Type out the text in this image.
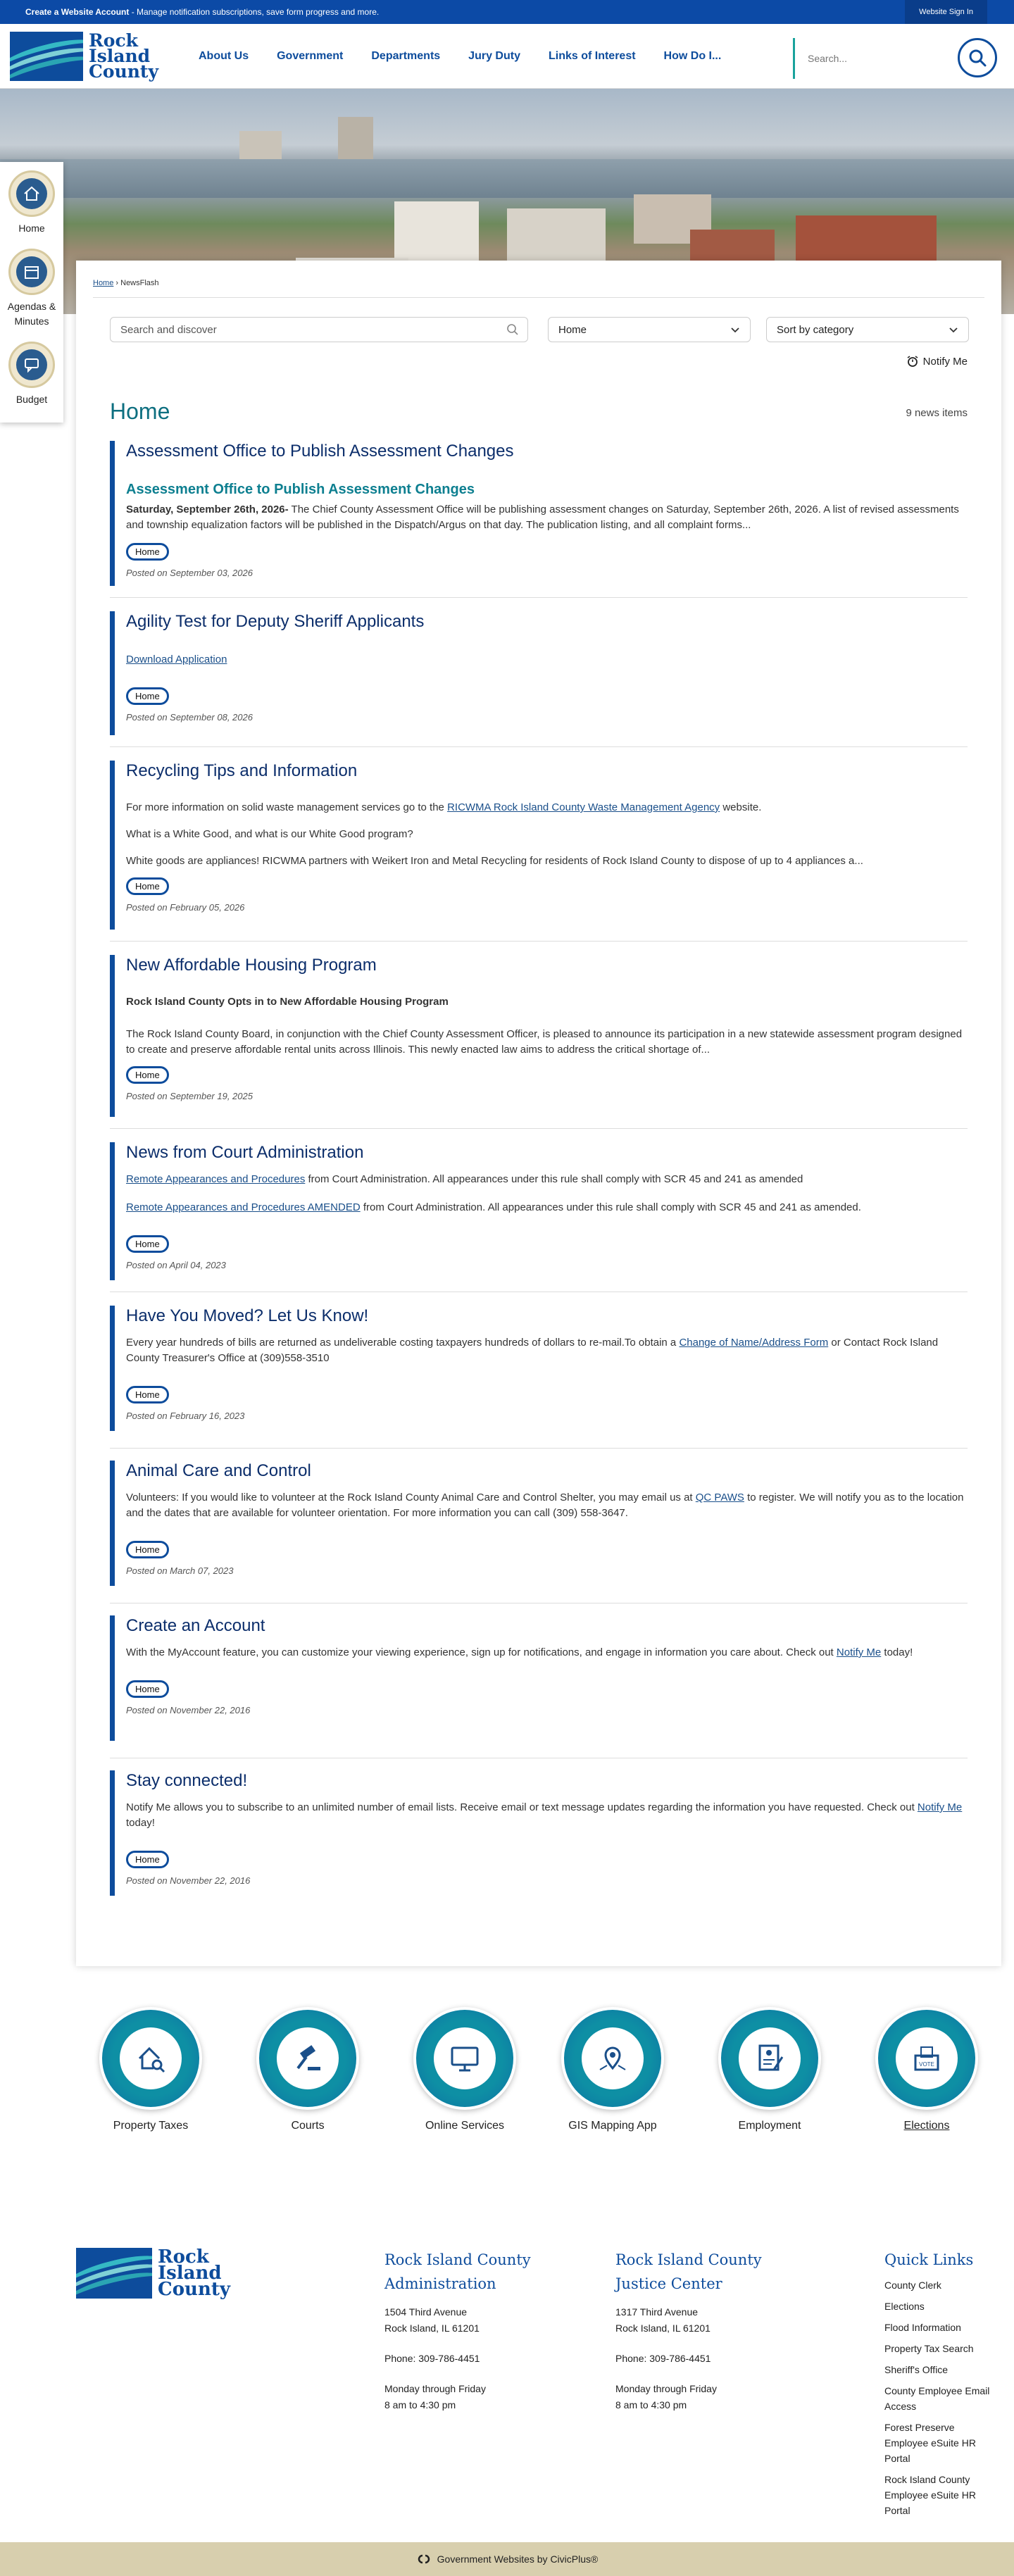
Create a Website Account - Manage notification subscriptions, save form progress and more.	Website Sign In
Rock
Island
County
About Us	Government	Departments	Jury Duty	Links of Interest	How Do I...
Search...
Home
Agendas & Minutes
Budget
Home › NewsFlash
Search and discover	Home	Sort by category
Notify Me
Home	9 news items
Assessment Office to Publish Assessment Changes
Assessment Office to Publish Assessment Changes

Saturday, September 26th, 2026- The Chief County Assessment Office will be publishing assessment changes on Saturday, September 26th, 2026. A list of revised assessments and township equalization factors will be published in the Dispatch/Argus on that day. The publication listing, and all complaint forms...

Home
Posted on September 03, 2026
Agility Test for Deputy Sheriff Applicants

Download Application

Home
Posted on September 08, 2026
Recycling Tips and Information

For more information on solid waste management services go to the RICWMA Rock Island County Waste Management Agency website.

What is a White Good, and what is our White Good program?

White goods are appliances! RICWMA partners with Weikert Iron and Metal Recycling for residents of Rock Island County to dispose of up to 4 appliances a...

Home
Posted on February 05, 2026
New Affordable Housing Program

Rock Island County Opts in to New Affordable Housing Program

The Rock Island County Board, in conjunction with the Chief County Assessment Officer, is pleased to announce its participation in a new statewide assessment program designed to create and preserve affordable rental units across Illinois. This newly enacted law aims to address the critical shortage of...

Home
Posted on September 19, 2025
News from Court Administration

Remote Appearances and Procedures from Court Administration. All appearances under this rule shall comply with SCR 45 and 241 as amended

Remote Appearances and Procedures AMENDED from Court Administration. All appearances under this rule shall comply with SCR 45 and 241 as amended.

Home
Posted on April 04, 2023
Have You Moved? Let Us Know!

Every year hundreds of bills are returned as undeliverable costing taxpayers hundreds of dollars to re-mail.To obtain a Change of Name/Address Form or Contact Rock Island County Treasurer's Office at (309)558-3510

Home
Posted on February 16, 2023
Animal Care and Control

Volunteers: If you would like to volunteer at the Rock Island County Animal Care and Control Shelter, you may email us at QC PAWS to register. We will notify you as to the location and the dates that are available for volunteer orientation. For more information you can call (309) 558-3647.

Home
Posted on March 07, 2023
Create an Account

With the MyAccount feature, you can customize your viewing experience, sign up for notifications, and engage in information you care about. Check out Notify Me today!

Home
Posted on November 22, 2016
Stay connected!

Notify Me allows you to subscribe to an unlimited number of email lists. Receive email or text message updates regarding the information you have requested. Check out Notify Me today!

Home
Posted on November 22, 2016
Property Taxes	Courts	Online Services	GIS Mapping App	Employment
VOTE
Elections
Rock
Island
County
Rock Island County Administration

1504 Third Avenue

Rock Island, IL 61201

Phone: 309-786-4451

Monday through Friday

8 am to 4:30 pm

Rock Island County Justice Center

1317 Third Avenue

Rock Island, IL 61201

Phone: 309-786-4451

Monday through Friday

8 am to 4:30 pm

Quick Links
County Clerk
Elections
Flood Information
Property Tax Search
Sheriff's Office
County Employee Email Access
Forest Preserve Employee eSuite HR Portal
Rock Island County Employee eSuite HR Portal
Government Websites by CivicPlus®
